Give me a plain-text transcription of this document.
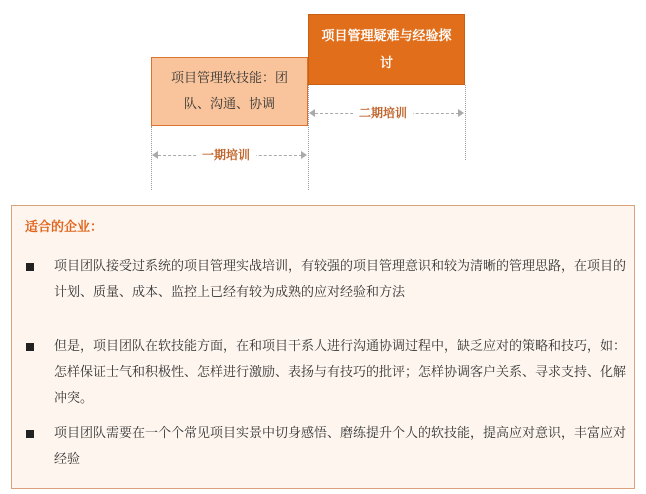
项目管理软技能：团队、沟通、协调
项目管理疑难与经验探讨
二期培训
一期培训
适合的企业：
项目团队接受过系统的项目管理实战培训，有较强的项目管理意识和较为清晰的管理思路，在项目的计划、质量、成本、监控上已经有较为成熟的应对经验和方法
但是，项目团队在软技能方面，在和项目干系人进行沟通协调过程中，缺乏应对的策略和技巧，如：怎样保证士气和积极性、怎样进行激励、表扬与有技巧的批评；怎样协调客户关系、寻求支持、化解冲突。
项目团队需要在一个个常见项目实景中切身感悟、磨练提升个人的软技能，提高应对意识，丰富应对经验
